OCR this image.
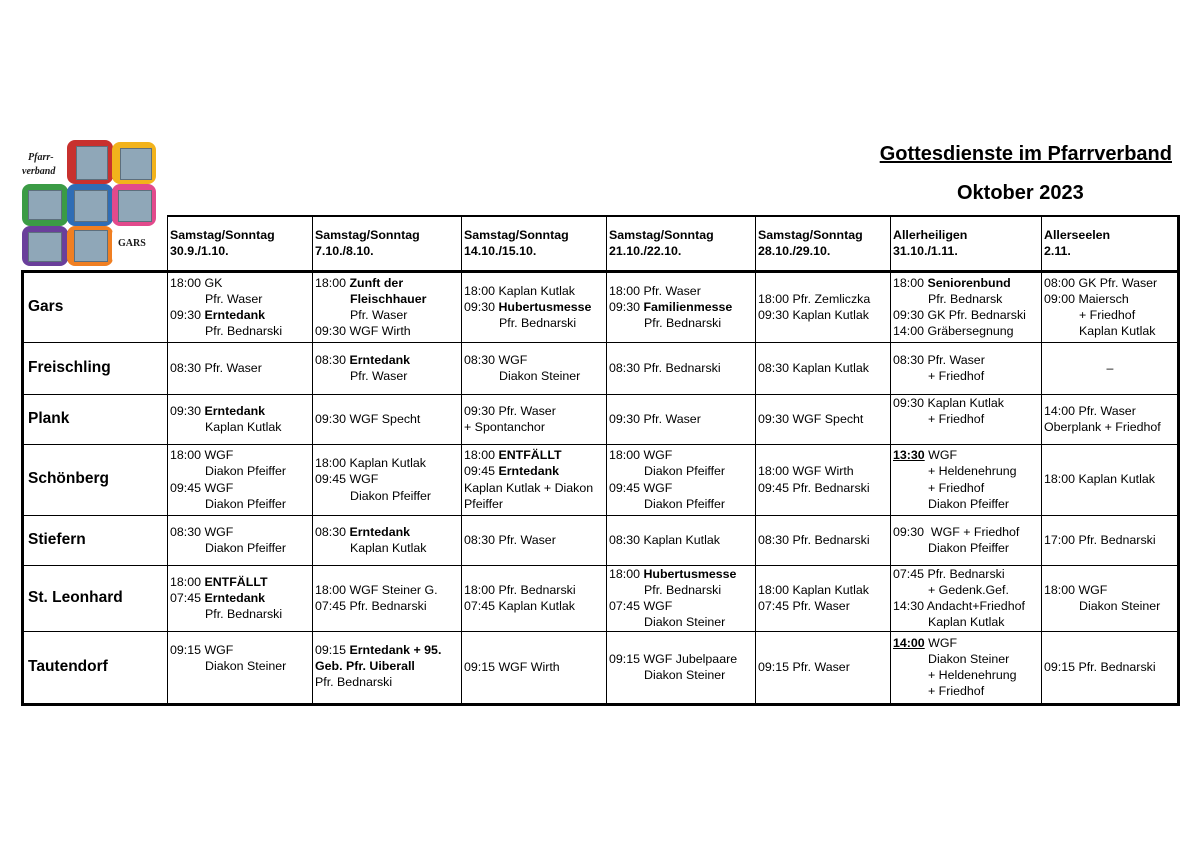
Pfarr-
verband
GARS
Gottesdienste im Pfarrverband
Oktober 2023

	Samstag/Sonntag
30.9./1.10.	Samstag/Sonntag
7.10./8.10.	Samstag/Sonntag
14.10./15.10.	Samstag/Sonntag
21.10./22.10.	Samstag/Sonntag
28.10./29.10.	Allerheiligen
31.10./1.11.	Allerseelen
2.11.

Gars	18:00 GK
Pfr. Waser
09:30 Erntedank
Pfr. Bednarski	18:00 Zunft der
Fleischhauer
Pfr. Waser
09:30 WGF Wirth	18:00 Kaplan Kutlak
09:30 Hubertusmesse
Pfr. Bednarski	18:00 Pfr. Waser
09:30 Familienmesse
Pfr. Bednarski	18:00 Pfr. Zemliczka
09:30 Kaplan Kutlak	18:00 Seniorenbund
Pfr. Bednarsk
09:30 GK Pfr. Bednarski
14:00 Gräbersegnung	08:00 GK Pfr. Waser
09:00 Maiersch
+ Friedhof
Kaplan Kutlak

Freischling	08:30 Pfr. Waser	08:30 Erntedank
Pfr. Waser	08:30 WGF
Diakon Steiner	08:30 Pfr. Bednarski	08:30 Kaplan Kutlak	08:30 Pfr. Waser
+ Friedhof	–

Plank	09:30 Erntedank
Kaplan Kutlak	09:30 WGF Specht	09:30 Pfr. Waser
+ Spontanchor	09:30 Pfr. Waser	09:30 WGF Specht	09:30 Kaplan Kutlak
+ Friedhof	14:00 Pfr. Waser
Oberplank + Friedhof

Schönberg	18:00 WGF
Diakon Pfeiffer
09:45 WGF
Diakon Pfeiffer	18:00 Kaplan Kutlak
09:45 WGF
Diakon Pfeiffer	18:00 ENTFÄLLT
09:45 Erntedank
Kaplan Kutlak + Diakon
Pfeiffer	18:00 WGF
Diakon Pfeiffer
09:45 WGF
Diakon Pfeiffer	18:00 WGF Wirth
09:45 Pfr. Bednarski	13:30 WGF
+ Heldenehrung
+ Friedhof
Diakon Pfeiffer	18:00 Kaplan Kutlak

Stiefern	08:30 WGF
Diakon Pfeiffer	08:30 Erntedank
Kaplan Kutlak	08:30 Pfr. Waser	08:30 Kaplan Kutlak	08:30 Pfr. Bednarski	09:30  WGF + Friedhof
Diakon Pfeiffer	17:00 Pfr. Bednarski

St. Leonhard	18:00 ENTFÄLLT
07:45 Erntedank
Pfr. Bednarski	18:00 WGF Steiner G.
07:45 Pfr. Bednarski	18:00 Pfr. Bednarski
07:45 Kaplan Kutlak	18:00 Hubertusmesse
Pfr. Bednarski
07:45 WGF
Diakon Steiner	18:00 Kaplan Kutlak
07:45 Pfr. Waser	07:45 Pfr. Bednarski
+ Gedenk.Gef.
14:30 Andacht+Friedhof
Kaplan Kutlak	18:00 WGF
Diakon Steiner

Tautendorf	09:15 WGF
Diakon Steiner	09:15 Erntedank + 95.
Geb. Pfr. Uiberall
Pfr. Bednarski	09:15 WGF Wirth	09:15 WGF Jubelpaare
Diakon Steiner	09:15 Pfr. Waser	14:00 WGF
Diakon Steiner
+ Heldenehrung
+ Friedhof	09:15 Pfr. Bednarski
